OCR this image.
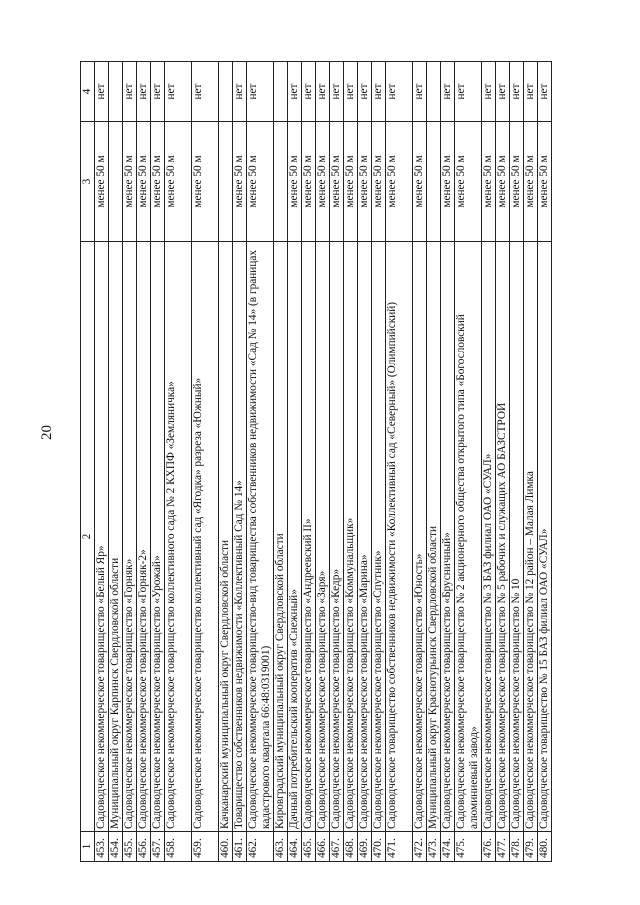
20
1	2	3	4
453.	Садоводческое некоммерческое товарищество «Белый Яр»	менее 50 м	нет
454.	Муниципальный округ Карпинск Свердловской области		
455.	Садоводческое некоммерческое товарищество «Горняк»	менее 50 м	нет
456.	Садоводческое некоммерческое товарищество «Горняк-2»	менее 50 м	нет
457.	Садоводческое некоммерческое товарищество «Урожай»	менее 50 м	нет
458.	Садоводческое некоммерческое товарищество коллективного сада № 2 КХПФ «Земляничка»	менее 50 м	нет
459.	Садоводческое некоммерческое товарищество коллективный сад «Ягодка» разреза «Южный»	менее 50 м	нет
460.	Качканарский муниципальный округ Свердловской области		
461.	Товарищество собственников недвижимости «Коллективный Сад № 14»	менее 50 м	нет
462.	Садоводческое некоммерческое товарищество-вид товарищества собственников недвижимости «Сад № 14» (в границах кадастрового квартала 66:48:0319001)	менее 50 м	нет
463.	Кировградский муниципальный округ Свердловской области		
464.	Дачный потребительский кооператив «Снежный»	менее 50 м	нет
465.	Садоводческое некоммерческое товарищество «Андреевский II»	менее 50 м	нет
466.	Садоводческое некоммерческое товарищество «Заря»	менее 50 м	нет
467.	Садоводческое некоммерческое товарищество «Кедр»	менее 50 м	нет
468.	Садоводческое некоммерческое товарищество «Коммунальщик»	менее 50 м	нет
469.	Садоводческое некоммерческое товарищество «Марина»	менее 50 м	нет
470.	Садоводческое некоммерческое товарищество «Спутник»	менее 50 м	нет
471.	Садоводческое товарищество собственников недвижимости «Коллективный сад «Северный» (Олимпийский)	менее 50 м	нет
472.	Садоводческое некоммерческое товарищество «Юность»	менее 50 м	нет
473.	Муниципальный округ Краснотурьинск Свердловской области		
474.	Садоводческое некоммерческое товарищество «Брусничный»	менее 50 м	нет
475.	Садоводческое некоммерческое товарищество № 2 акционерного общества открытого типа «Богословский алюминиевый завод»	менее 50 м	нет
476.	Садоводческое некоммерческое товарищество № 3 БАЗ филиал ОАО «СУАЛ»	менее 50 м	нет
477.	Садоводческое некоммерческое товарищество № 5 рабочих и служащих АО БАЗСТРОЙ	менее 50 м	нет
478.	Садоводческое некоммерческое товарищество № 10	менее 50 м	нет
479.	Садоводческое некоммерческое товарищество № 12 район – Малая Лимка	менее 50 м	нет
480.	Садоводческое товарищество № 15 БАЗ филиал ОАО «СУАЛ»	менее 50 м	нет
